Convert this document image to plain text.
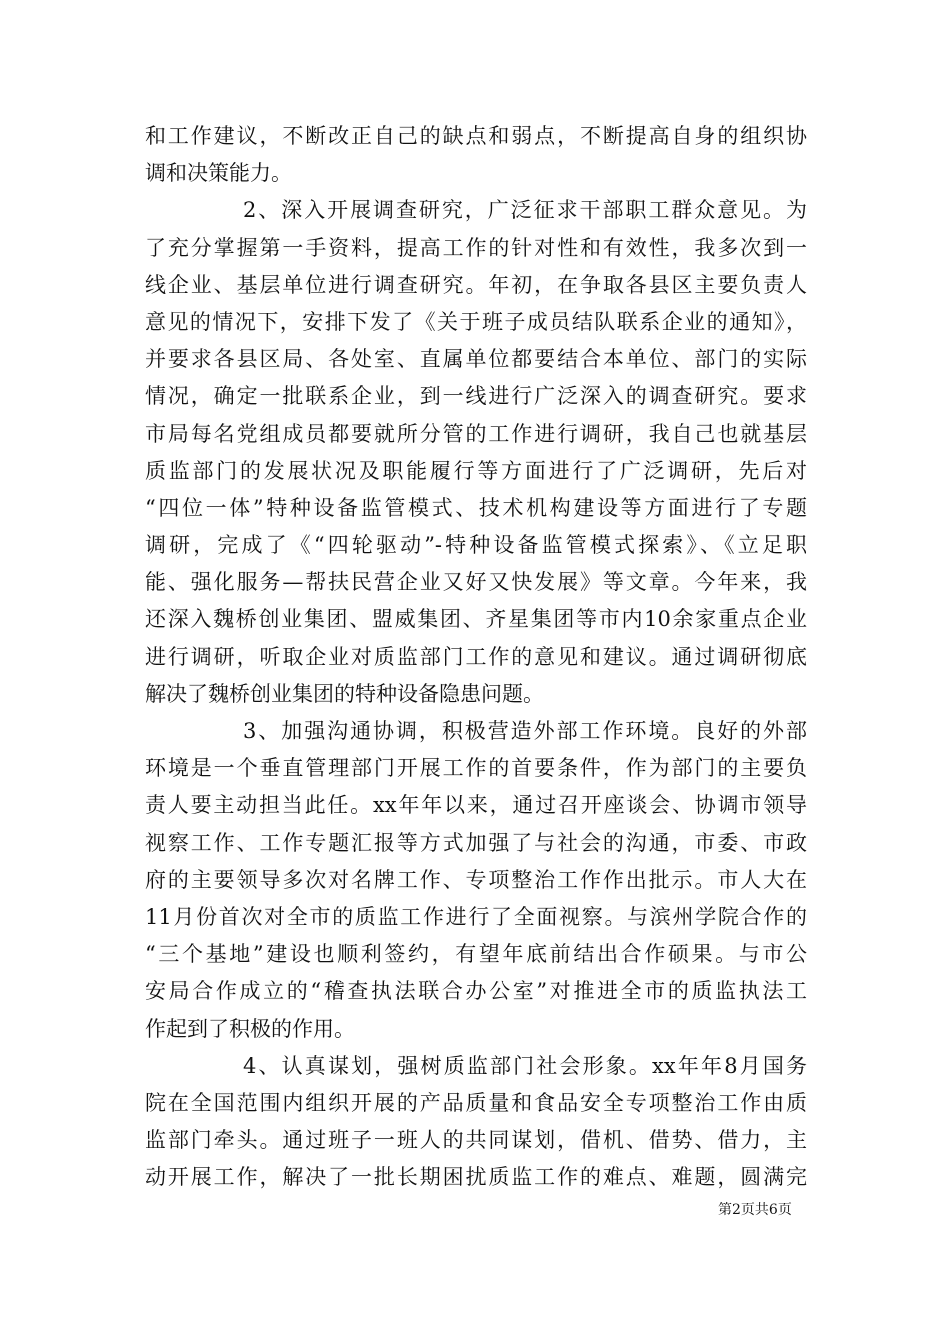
和工作建议，不断改正自己的缺点和弱点，不断提高自身的组织协
调和决策能力。
2、深入开展调查研究，广泛征求干部职工群众意见。为
了充分掌握第一手资料，提高工作的针对性和有效性，我多次到一
线企业、基层单位进行调查研究。年初，在争取各县区主要负责人
意见的情况下，安排下发了《关于班子成员结队联系企业的通知》，
并要求各县区局、各处室、直属单位都要结合本单位、部门的实际
情况，确定一批联系企业，到一线进行广泛深入的调查研究。要求
市局每名党组成员都要就所分管的工作进行调研，我自己也就基层
质监部门的发展状况及职能履行等方面进行了广泛调研，先后对
“四位一体”特种设备监管模式、技术机构建设等方面进行了专题
调研，完成了《“四轮驱动”-特种设备监管模式探索》、《立足职
能、强化服务—帮扶民营企业又好又快发展》等文章。今年来，我
还深入魏桥创业集团、盟威集团、齐星集团等市内10余家重点企业
进行调研，听取企业对质监部门工作的意见和建议。通过调研彻底
解决了魏桥创业集团的特种设备隐患问题。
3、加强沟通协调，积极营造外部工作环境。良好的外部
环境是一个垂直管理部门开展工作的首要条件，作为部门的主要负
责人要主动担当此任。xx年年以来，通过召开座谈会、协调市领导
视察工作、工作专题汇报等方式加强了与社会的沟通，市委、市政
府的主要领导多次对名牌工作、专项整治工作作出批示。市人大在
11月份首次对全市的质监工作进行了全面视察。与滨州学院合作的
“三个基地”建设也顺利签约，有望年底前结出合作硕果。与市公
安局合作成立的“稽查执法联合办公室”对推进全市的质监执法工
作起到了积极的作用。
4、认真谋划，强树质监部门社会形象。xx年年8月国务
院在全国范围内组织开展的产品质量和食品安全专项整治工作由质
监部门牵头。通过班子一班人的共同谋划，借机、借势、借力，主
动开展工作，解决了一批长期困扰质监工作的难点、难题，圆满完
第2页共6页
